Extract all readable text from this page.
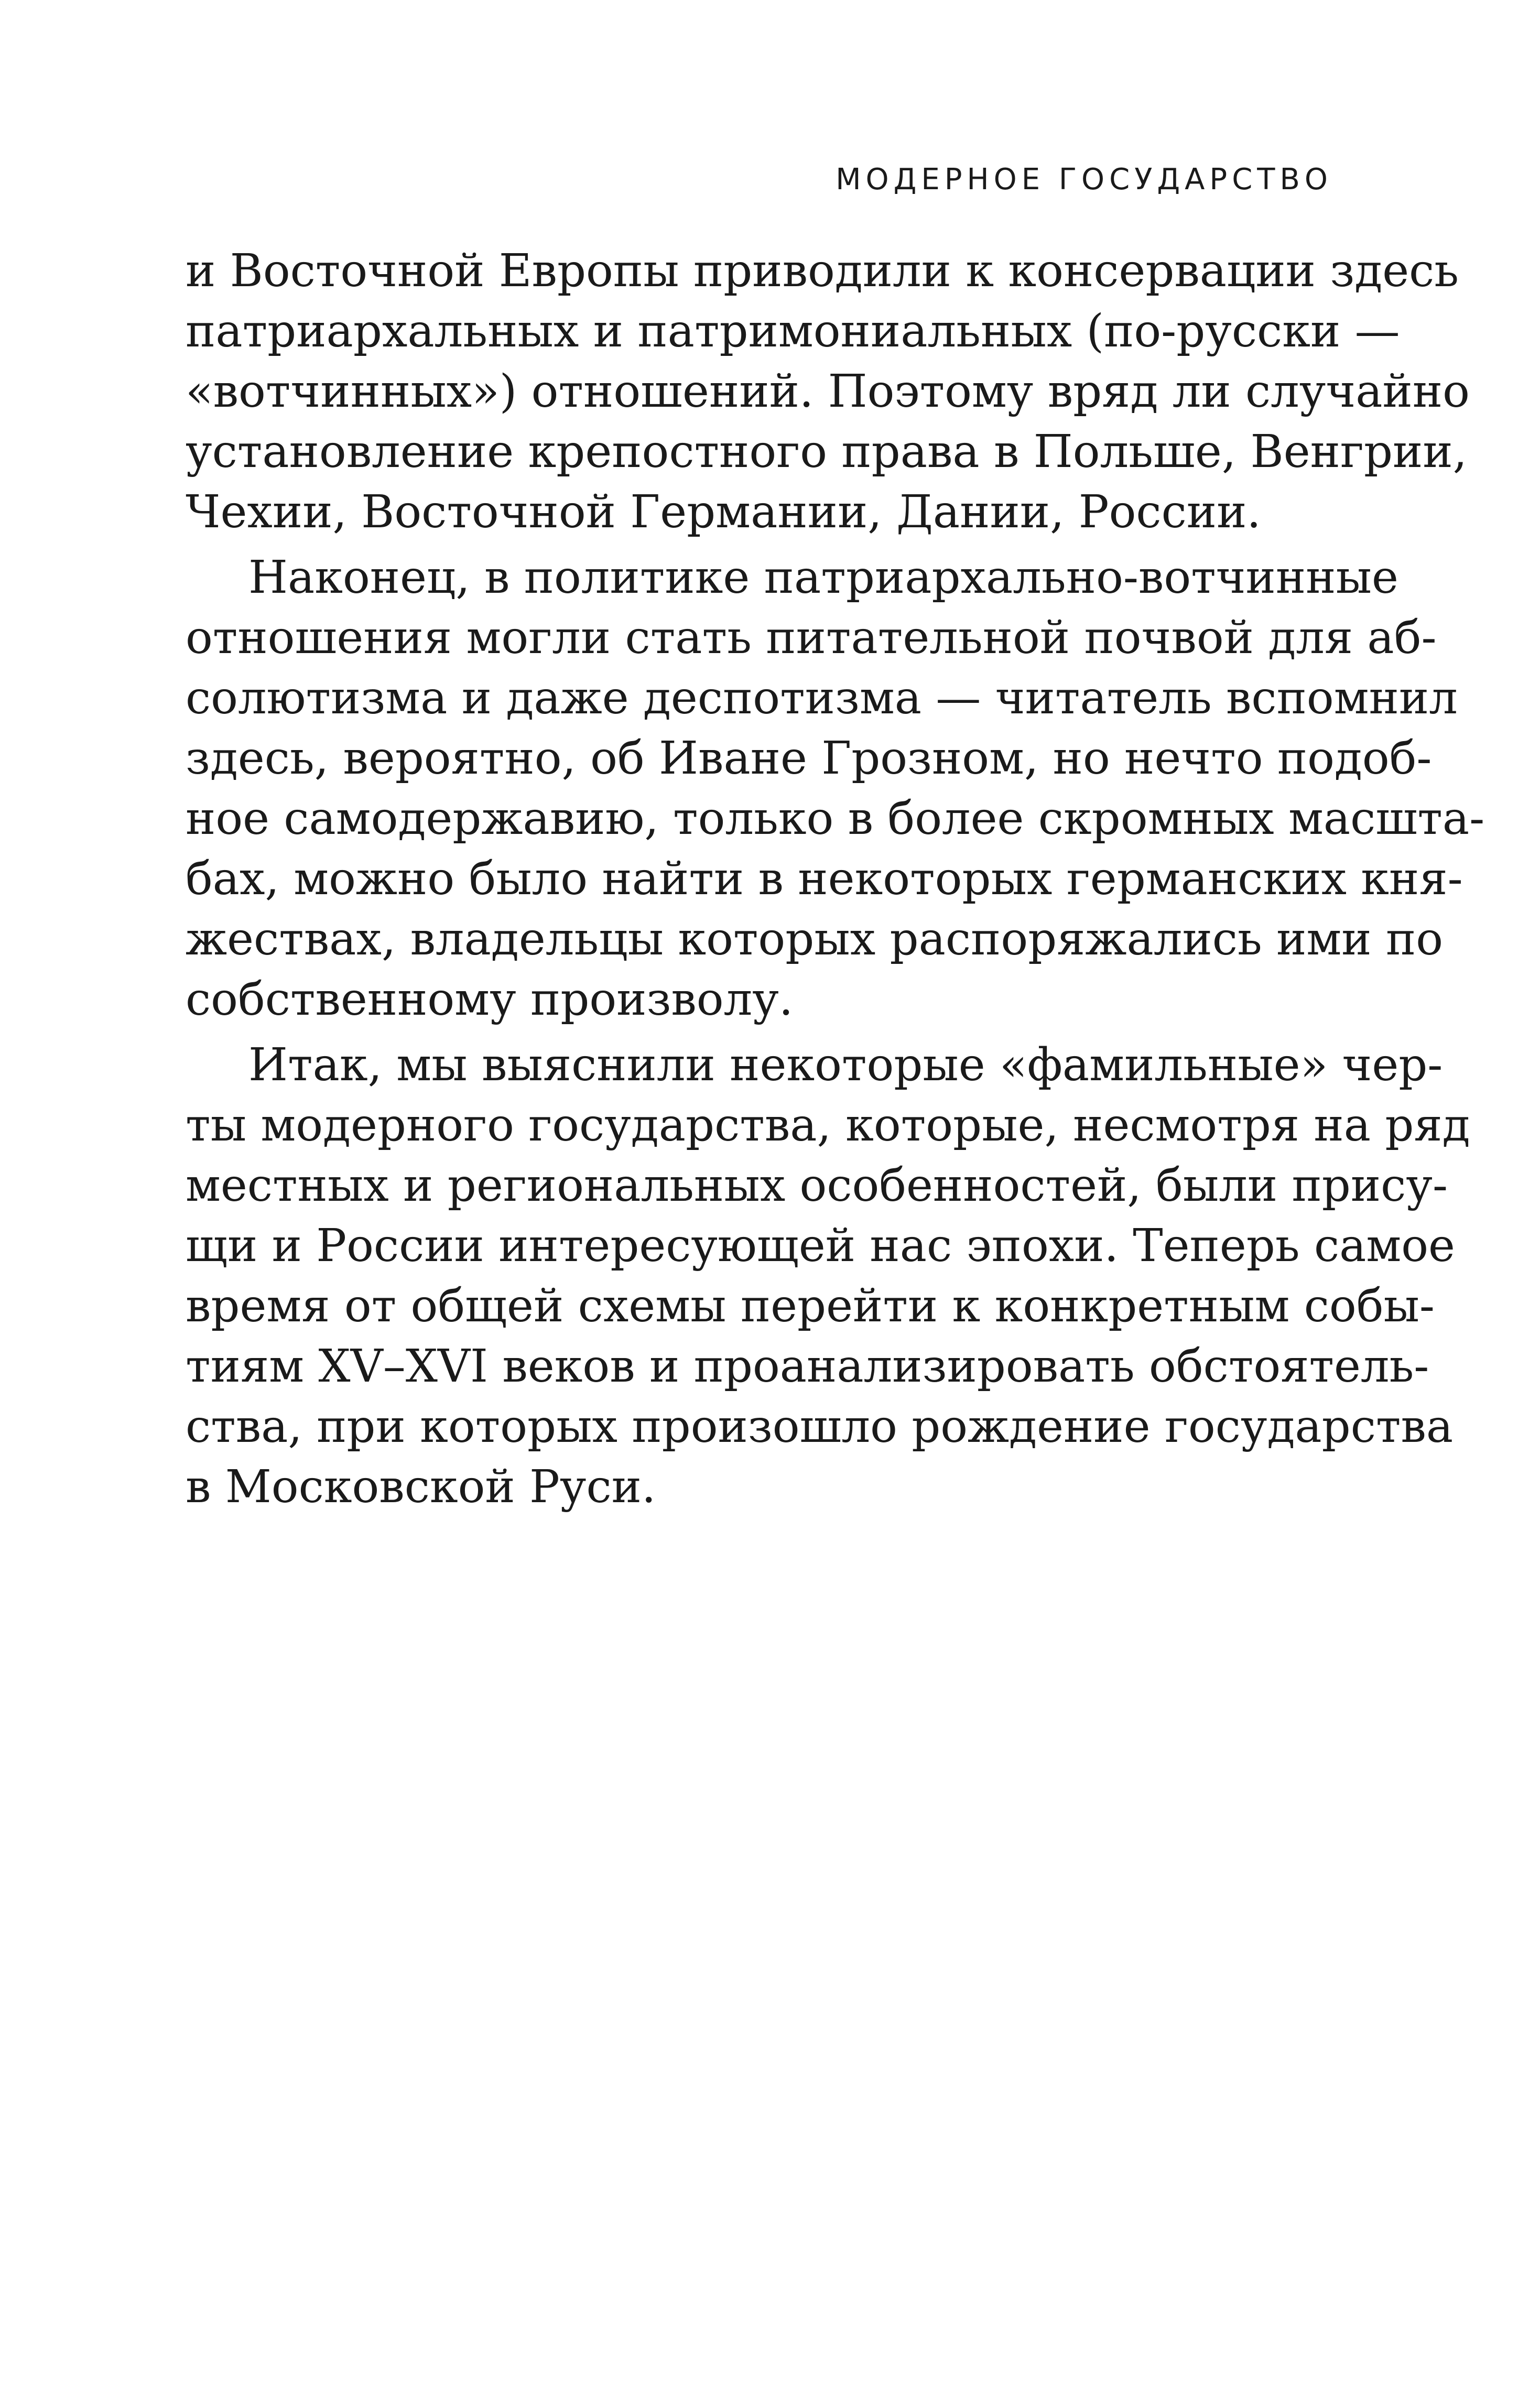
МОДЕРНОЕ ГОСУДАРСТВО
и Восточной Европы приводили к консервации здесь
патриархальных и патримониальных (по-русски —
«вотчинных») отношений. Поэтому вряд ли случайно
установление крепостного права в Польше, Венгрии,
Чехии, Восточной Германии, Дании, России.
Наконец, в политике патриархально-вотчинные
отношения могли стать питательной почвой для аб-
солютизма и даже деспотизма — читатель вспомнил
здесь, вероятно, об Иване Грозном, но нечто подоб-
ное самодержавию, только в более скромных масшта-
бах, можно было найти в некоторых германских кня-
жествах, владельцы которых распоряжались ими по
собственному произволу.
Итак, мы выяснили некоторые «фамильные» чер-
ты модерного государства, которые, несмотря на ряд
местных и региональных особенностей, были прису-
щи и России интересующей нас эпохи. Теперь самое
время от общей схемы перейти к конкретным собы-
тиям XV–XVI веков и проанализировать обстоятель-
ства, при которых произошло рождение государства
в Московской Руси.
